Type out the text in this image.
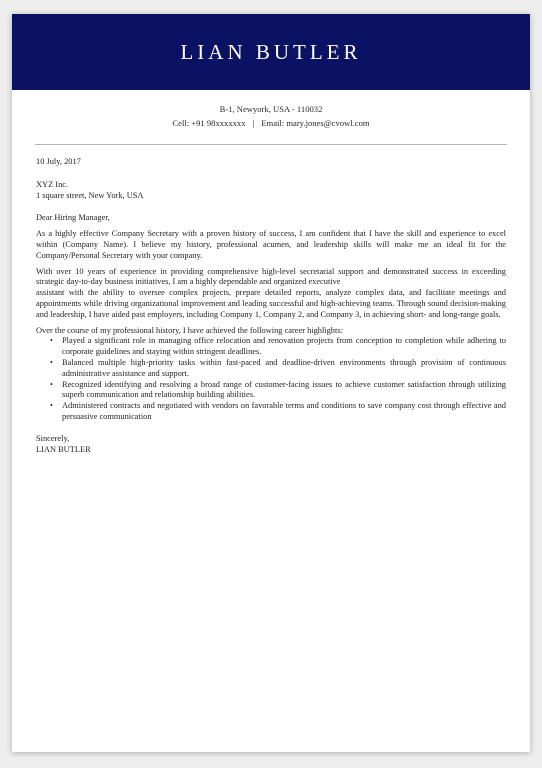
LIAN BUTLER
B-1, Newyork, USA - 110032
Cell: +91 98xxxxxxx | Email: mary.jones@cvowl.com

10 July, 2017

XYZ Inc.

1 square street, New York, USA

Dear Hiring Manager,

As a highly effective Company Secretary with a proven history of success, I am confident that I have the skill and experience to excel within (Company Name). I believe my history, professional acumen, and leadership skills will make me an ideal fit for the Company/Personal Secretary with your company.

With over 10 years of experience in providing comprehensive high-level secretarial support and demonstrated success in exceeding strategic day-to-day business initiatives, I am a highly dependable and organized executive

assistant with the ability to oversee complex projects, prepare detailed reports, analyze complex data, and facilitate meetings and appointments while driving organizational improvement and leading successful and high-achieving teams. Through sound decision-making and leadership, I have aided past employers, including Company 1, Company 2, and Company 3, in achieving short- and long-range goals.

Over the course of my professional history, I have achieved the following career highlights:

• Played a significant role in managing office relocation and renovation projects from conception to completion while adhering to corporate guidelines and staying within stringent deadlines.
• Balanced multiple high-priority tasks within fast-paced and deadline-driven environments through provision of continuous administrative assistance and support.
• Recognized identifying and resolving a broad range of customer-facing issues to achieve customer satisfaction through utilizing superb communication and relationship building abilities.
• Administered contracts and negotiated with vendors on favorable terms and conditions to save company cost through effective and persuasive communication

Sincerely,

LIAN BUTLER
